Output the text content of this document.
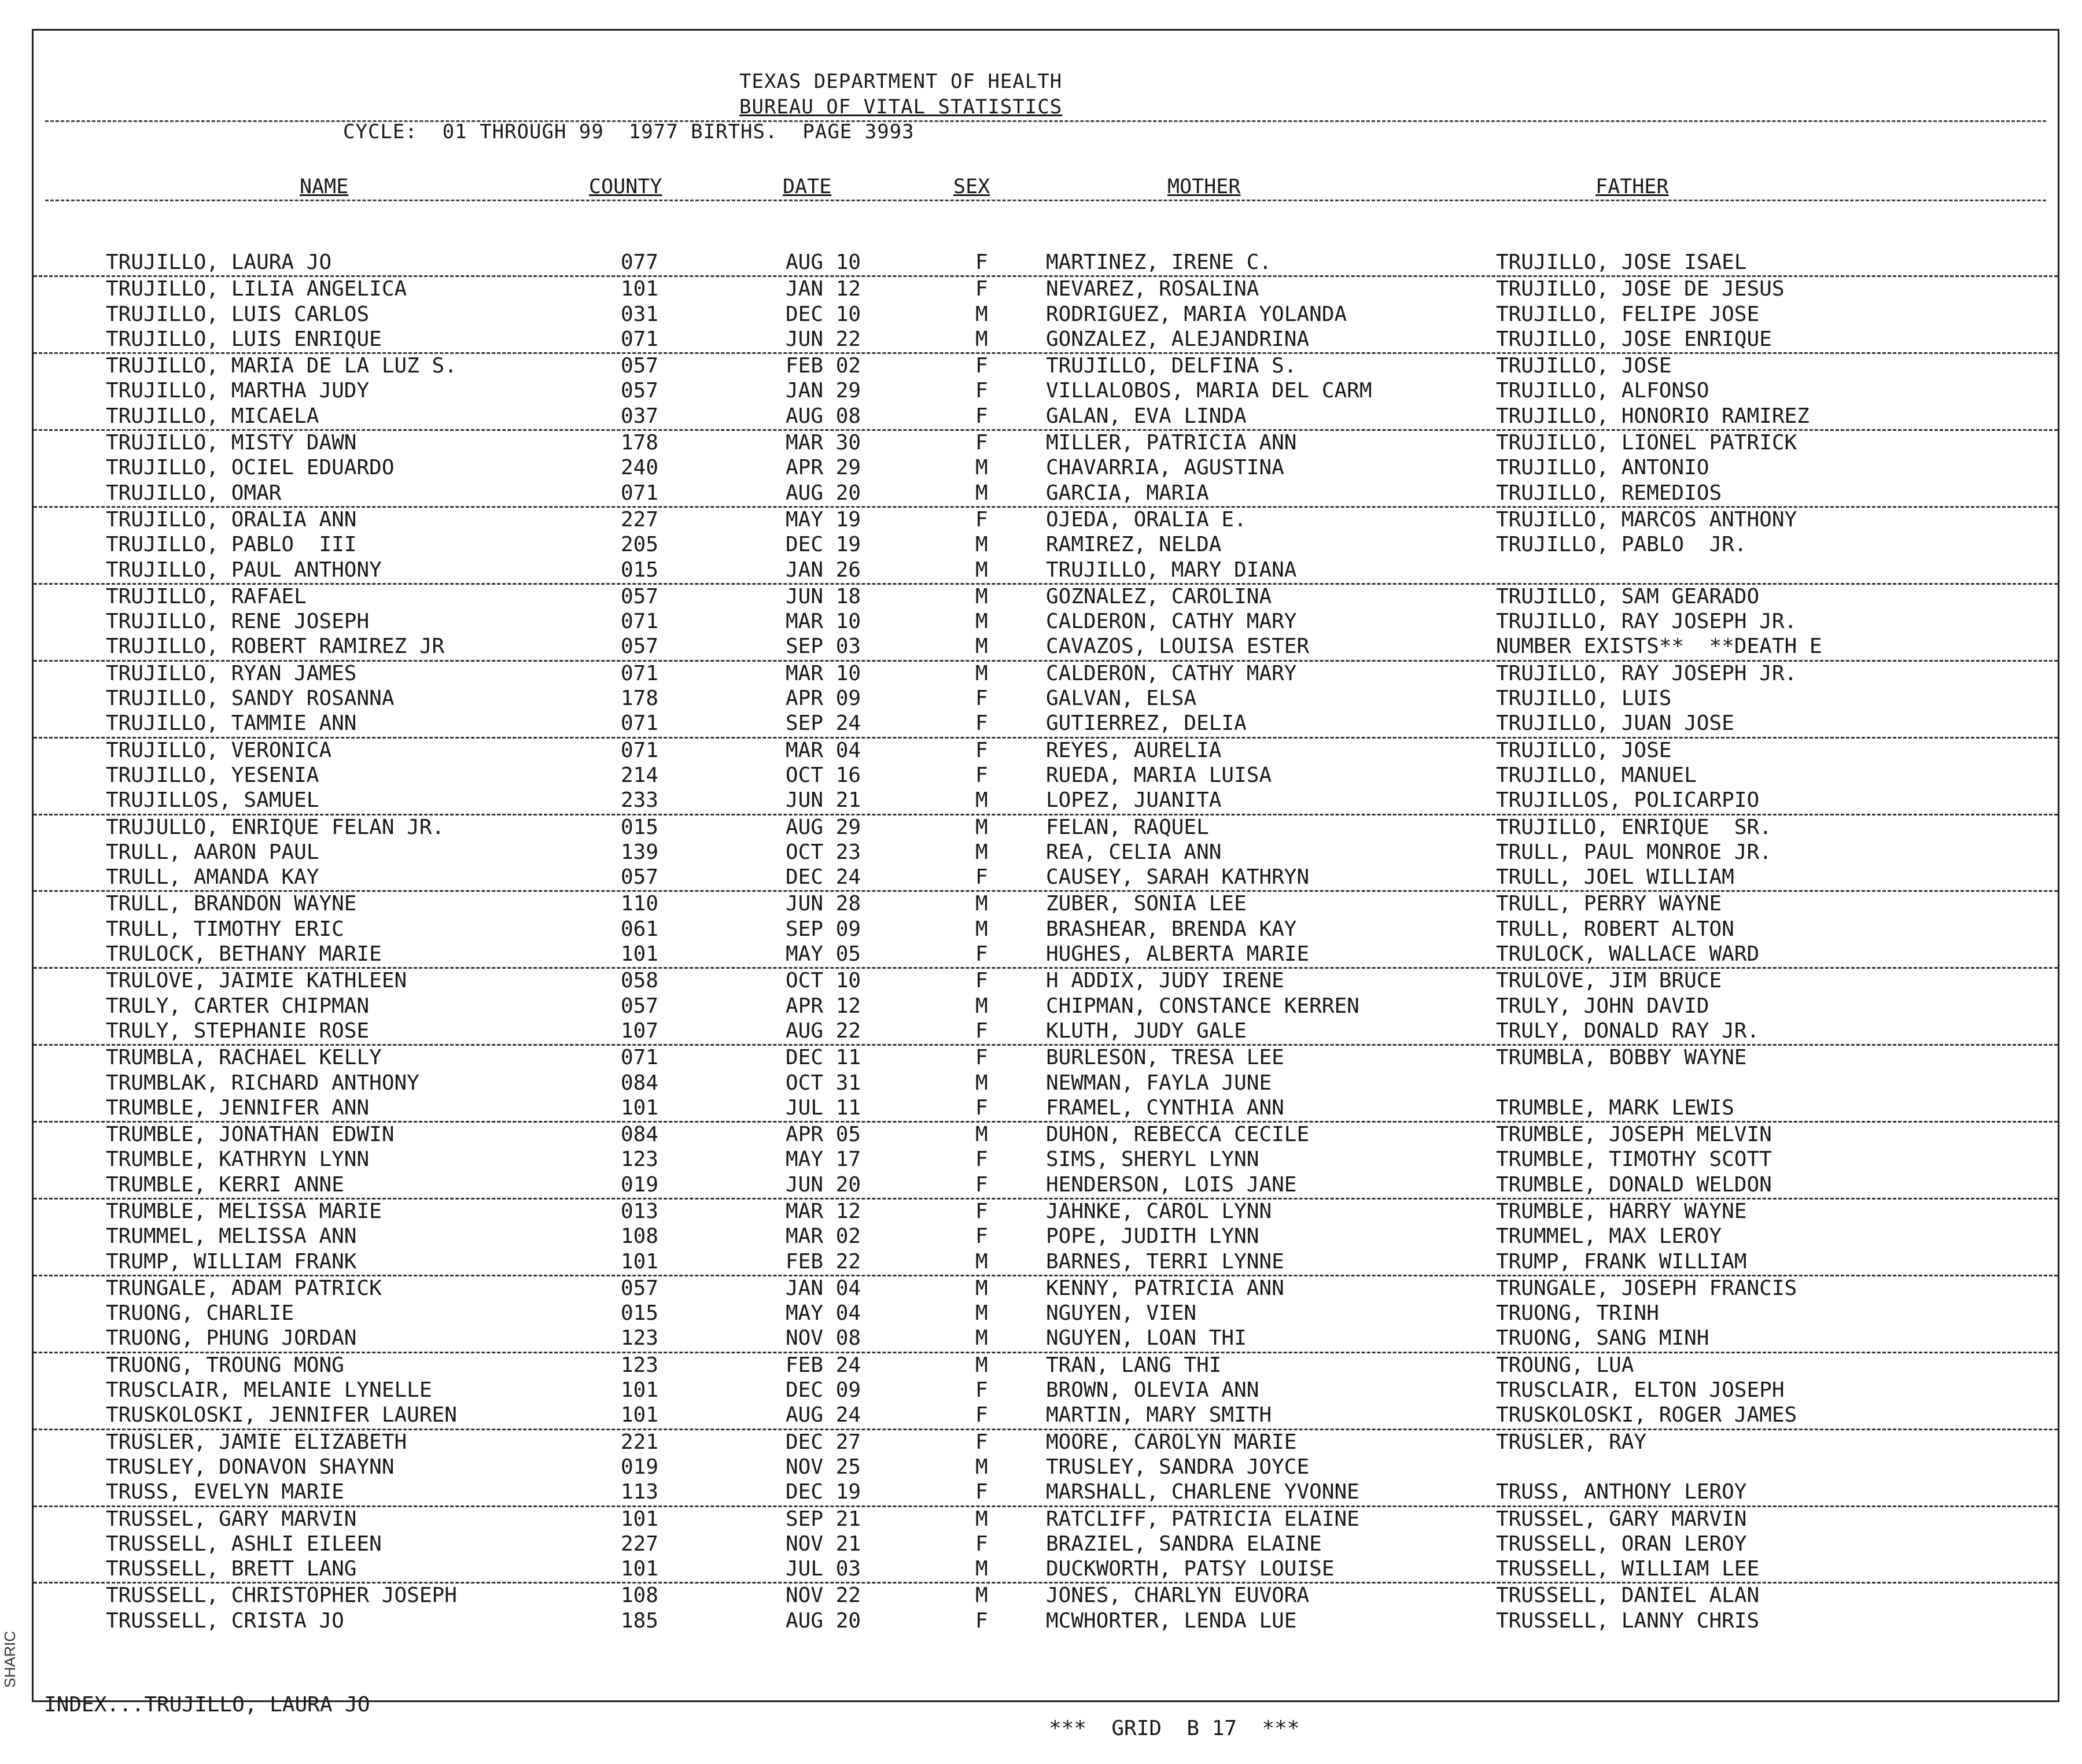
SHARIC

TEXAS DEPARTMENT OF HEALTH

BUREAU OF VITAL STATISTICS

CYCLE:  01 THROUGH 99  1977 BIRTHS.  PAGE 3993

NAME	COUNTY	DATE	SEX	MOTHER	FATHER
TRUJILLO, LAURA JO	077	AUG 10	F	MARTINEZ, IRENE C.	TRUJILLO, JOSE ISAEL
TRUJILLO, LILIA ANGELICA	101	JAN 12	F	NEVAREZ, ROSALINA	TRUJILLO, JOSE DE JESUS
TRUJILLO, LUIS CARLOS	031	DEC 10	M	RODRIGUEZ, MARIA YOLANDA	TRUJILLO, FELIPE JOSE
TRUJILLO, LUIS ENRIQUE	071	JUN 22	M	GONZALEZ, ALEJANDRINA	TRUJILLO, JOSE ENRIQUE
TRUJILLO, MARIA DE LA LUZ S.	057	FEB 02	F	TRUJILLO, DELFINA S.	TRUJILLO, JOSE
TRUJILLO, MARTHA JUDY	057	JAN 29	F	VILLALOBOS, MARIA DEL CARM	TRUJILLO, ALFONSO
TRUJILLO, MICAELA	037	AUG 08	F	GALAN, EVA LINDA	TRUJILLO, HONORIO RAMIREZ
TRUJILLO, MISTY DAWN	178	MAR 30	F	MILLER, PATRICIA ANN	TRUJILLO, LIONEL PATRICK
TRUJILLO, OCIEL EDUARDO	240	APR 29	M	CHAVARRIA, AGUSTINA	TRUJILLO, ANTONIO
TRUJILLO, OMAR	071	AUG 20	M	GARCIA, MARIA	TRUJILLO, REMEDIOS
TRUJILLO, ORALIA ANN	227	MAY 19	F	OJEDA, ORALIA E.	TRUJILLO, MARCOS ANTHONY
TRUJILLO, PABLO  III	205	DEC 19	M	RAMIREZ, NELDA	TRUJILLO, PABLO  JR.
TRUJILLO, PAUL ANTHONY	015	JAN 26	M	TRUJILLO, MARY DIANA
TRUJILLO, RAFAEL	057	JUN 18	M	GOZNALEZ, CAROLINA	TRUJILLO, SAM GEARADO
TRUJILLO, RENE JOSEPH	071	MAR 10	M	CALDERON, CATHY MARY	TRUJILLO, RAY JOSEPH JR.
TRUJILLO, ROBERT RAMIREZ JR	057	SEP 03	M	CAVAZOS, LOUISA ESTER	NUMBER EXISTS**  **DEATH E
TRUJILLO, RYAN JAMES	071	MAR 10	M	CALDERON, CATHY MARY	TRUJILLO, RAY JOSEPH JR.
TRUJILLO, SANDY ROSANNA	178	APR 09	F	GALVAN, ELSA	TRUJILLO, LUIS
TRUJILLO, TAMMIE ANN	071	SEP 24	F	GUTIERREZ, DELIA	TRUJILLO, JUAN JOSE
TRUJILLO, VERONICA	071	MAR 04	F	REYES, AURELIA	TRUJILLO, JOSE
TRUJILLO, YESENIA	214	OCT 16	F	RUEDA, MARIA LUISA	TRUJILLO, MANUEL
TRUJILLOS, SAMUEL	233	JUN 21	M	LOPEZ, JUANITA	TRUJILLOS, POLICARPIO
TRUJULLO, ENRIQUE FELAN JR.	015	AUG 29	M	FELAN, RAQUEL	TRUJILLO, ENRIQUE  SR.
TRULL, AARON PAUL	139	OCT 23	M	REA, CELIA ANN	TRULL, PAUL MONROE JR.
TRULL, AMANDA KAY	057	DEC 24	F	CAUSEY, SARAH KATHRYN	TRULL, JOEL WILLIAM
TRULL, BRANDON WAYNE	110	JUN 28	M	ZUBER, SONIA LEE	TRULL, PERRY WAYNE
TRULL, TIMOTHY ERIC	061	SEP 09	M	BRASHEAR, BRENDA KAY	TRULL, ROBERT ALTON
TRULOCK, BETHANY MARIE	101	MAY 05	F	HUGHES, ALBERTA MARIE	TRULOCK, WALLACE WARD
TRULOVE, JAIMIE KATHLEEN	058	OCT 10	F	H ADDIX, JUDY IRENE	TRULOVE, JIM BRUCE
TRULY, CARTER CHIPMAN	057	APR 12	M	CHIPMAN, CONSTANCE KERREN	TRULY, JOHN DAVID
TRULY, STEPHANIE ROSE	107	AUG 22	F	KLUTH, JUDY GALE	TRULY, DONALD RAY JR.
TRUMBLA, RACHAEL KELLY	071	DEC 11	F	BURLESON, TRESA LEE	TRUMBLA, BOBBY WAYNE
TRUMBLAK, RICHARD ANTHONY	084	OCT 31	M	NEWMAN, FAYLA JUNE
TRUMBLE, JENNIFER ANN	101	JUL 11	F	FRAMEL, CYNTHIA ANN	TRUMBLE, MARK LEWIS
TRUMBLE, JONATHAN EDWIN	084	APR 05	M	DUHON, REBECCA CECILE	TRUMBLE, JOSEPH MELVIN
TRUMBLE, KATHRYN LYNN	123	MAY 17	F	SIMS, SHERYL LYNN	TRUMBLE, TIMOTHY SCOTT
TRUMBLE, KERRI ANNE	019	JUN 20	F	HENDERSON, LOIS JANE	TRUMBLE, DONALD WELDON
TRUMBLE, MELISSA MARIE	013	MAR 12	F	JAHNKE, CAROL LYNN	TRUMBLE, HARRY WAYNE
TRUMMEL, MELISSA ANN	108	MAR 02	F	POPE, JUDITH LYNN	TRUMMEL, MAX LEROY
TRUMP, WILLIAM FRANK	101	FEB 22	M	BARNES, TERRI LYNNE	TRUMP, FRANK WILLIAM
TRUNGALE, ADAM PATRICK	057	JAN 04	M	KENNY, PATRICIA ANN	TRUNGALE, JOSEPH FRANCIS
TRUONG, CHARLIE	015	MAY 04	M	NGUYEN, VIEN	TRUONG, TRINH
TRUONG, PHUNG JORDAN	123	NOV 08	M	NGUYEN, LOAN THI	TRUONG, SANG MINH
TRUONG, TROUNG MONG	123	FEB 24	M	TRAN, LANG THI	TROUNG, LUA
TRUSCLAIR, MELANIE LYNELLE	101	DEC 09	F	BROWN, OLEVIA ANN	TRUSCLAIR, ELTON JOSEPH
TRUSKOLOSKI, JENNIFER LAUREN	101	AUG 24	F	MARTIN, MARY SMITH	TRUSKOLOSKI, ROGER JAMES
TRUSLER, JAMIE ELIZABETH	221	DEC 27	F	MOORE, CAROLYN MARIE	TRUSLER, RAY
TRUSLEY, DONAVON SHAYNN	019	NOV 25	M	TRUSLEY, SANDRA JOYCE
TRUSS, EVELYN MARIE	113	DEC 19	F	MARSHALL, CHARLENE YVONNE	TRUSS, ANTHONY LEROY
TRUSSEL, GARY MARVIN	101	SEP 21	M	RATCLIFF, PATRICIA ELAINE	TRUSSEL, GARY MARVIN
TRUSSELL, ASHLI EILEEN	227	NOV 21	F	BRAZIEL, SANDRA ELAINE	TRUSSELL, ORAN LEROY
TRUSSELL, BRETT LANG	101	JUL 03	M	DUCKWORTH, PATSY LOUISE	TRUSSELL, WILLIAM LEE
TRUSSELL, CHRISTOPHER JOSEPH	108	NOV 22	M	JONES, CHARLYN EUVORA	TRUSSELL, DANIEL ALAN
TRUSSELL, CRISTA JO	185	AUG 20	F	MCWHORTER, LENDA LUE	TRUSSELL, LANNY CHRIS

INDEX...TRUJILLO, LAURA JO

***  GRID  B 17  ***
